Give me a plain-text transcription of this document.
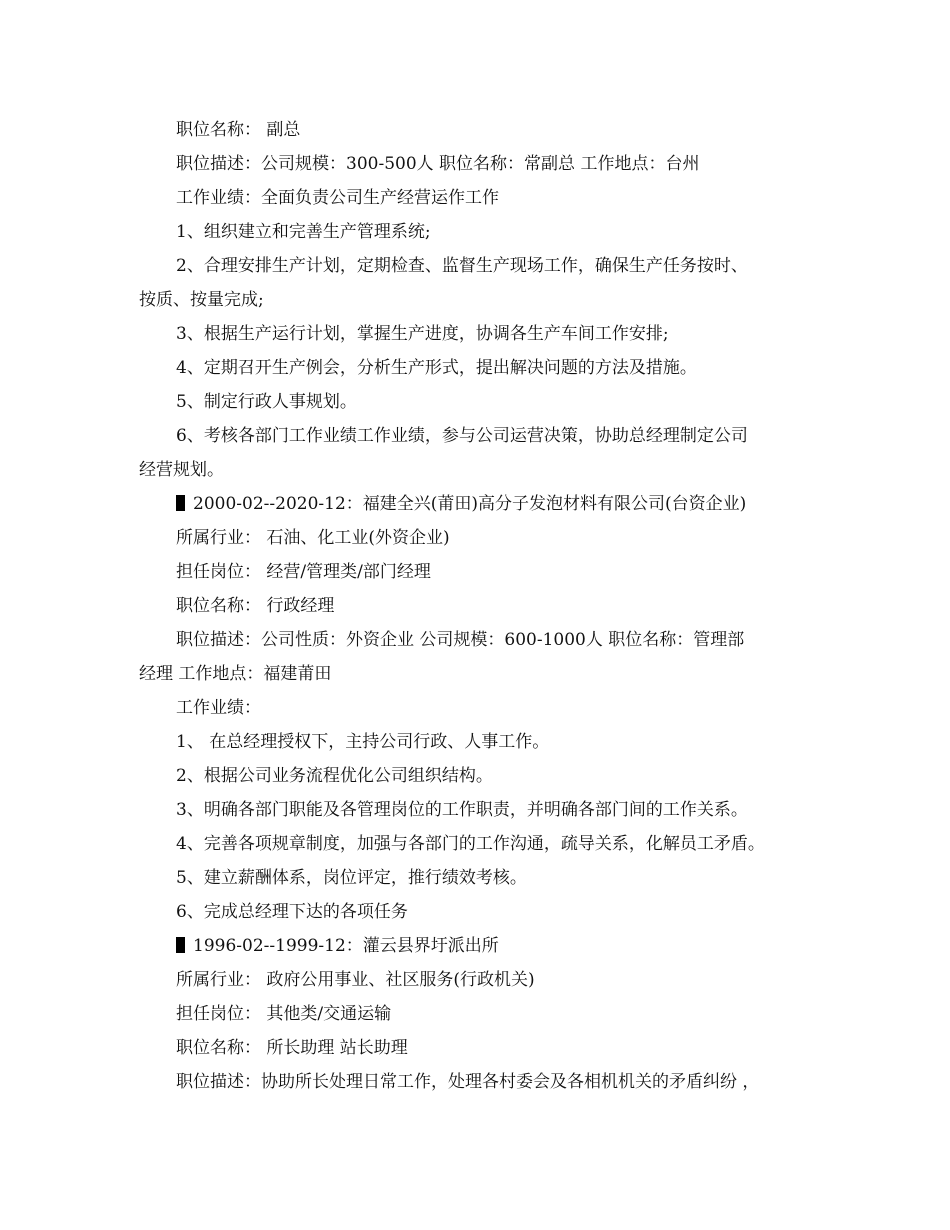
职位名称： 副总
职位描述：公司规模：300-500人 职位名称：常副总 工作地点：台州
工作业绩：全面负责公司生产经营运作工作
1、组织建立和完善生产管理系统;
2、合理安排生产计划，定期检查、监督生产现场工作，确保生产任务按时、
按质、按量完成;
3、根据生产运行计划，掌握生产进度，协调各生产车间工作安排;
4、定期召开生产例会，分析生产形式，提出解决问题的方法及措施。
5、制定行政人事规划。
6、考核各部门工作业绩工作业绩，参与公司运营决策，协助总经理制定公司
经营规划。
2000-02--2020-12：福建全兴(莆田)高分子发泡材料有限公司(台资企业)
所属行业： 石油、化工业(外资企业)
担任岗位： 经营/管理类/部门经理
职位名称： 行政经理
职位描述：公司性质：外资企业 公司规模：600-1000人 职位名称：管理部
经理 工作地点：福建莆田
工作业绩：
1、 在总经理授权下，主持公司行政、人事工作。
2、根据公司业务流程优化公司组织结构。
3、明确各部门职能及各管理岗位的工作职责，并明确各部门间的工作关系。
4、完善各项规章制度，加强与各部门的工作沟通，疏导关系，化解员工矛盾。
5、建立薪酬体系，岗位评定，推行绩效考核。
6、完成总经理下达的各项任务
1996-02--1999-12：灌云县界圩派出所
所属行业： 政府公用事业、社区服务(行政机关)
担任岗位： 其他类/交通运输
职位名称： 所长助理 站长助理
职位描述：协助所长处理日常工作，处理各村委会及各相机机关的矛盾纠纷 ，
